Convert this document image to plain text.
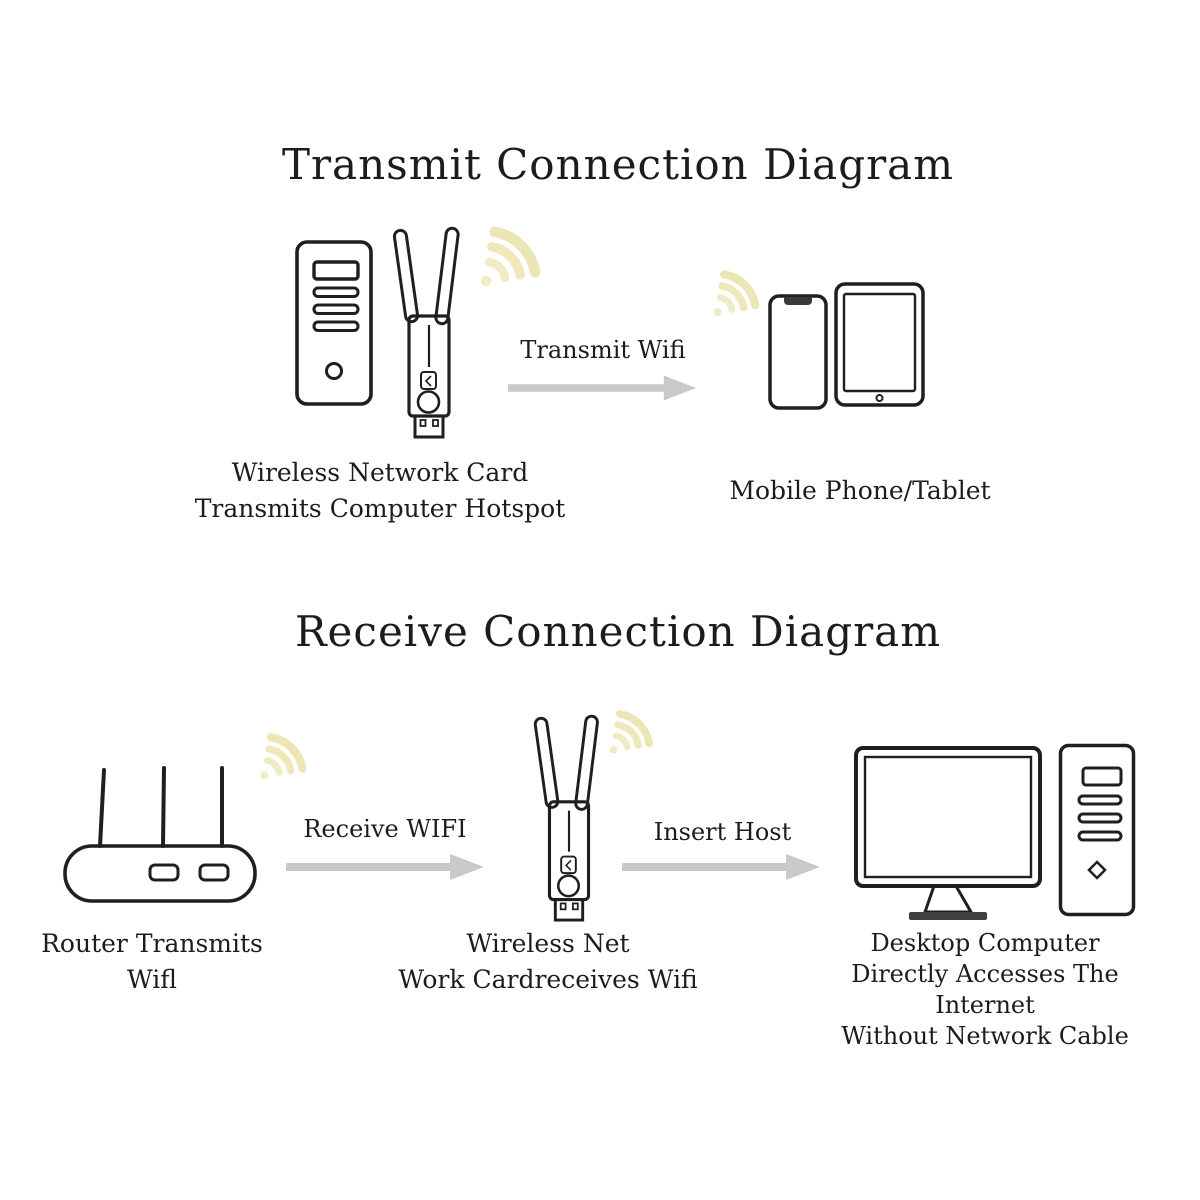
Transmit Connection Diagram
Transmit Wifi
Wireless Network Card
Transmits Computer Hotspot
Mobile Phone/Tablet
Receive Connection Diagram
Receive WIFI	Insert Host
Router Transmits Wifl
Wireless Net
Work Cardreceives Wifi
Desktop Computer
Directly Accesses The Internet
Without Network Cable
